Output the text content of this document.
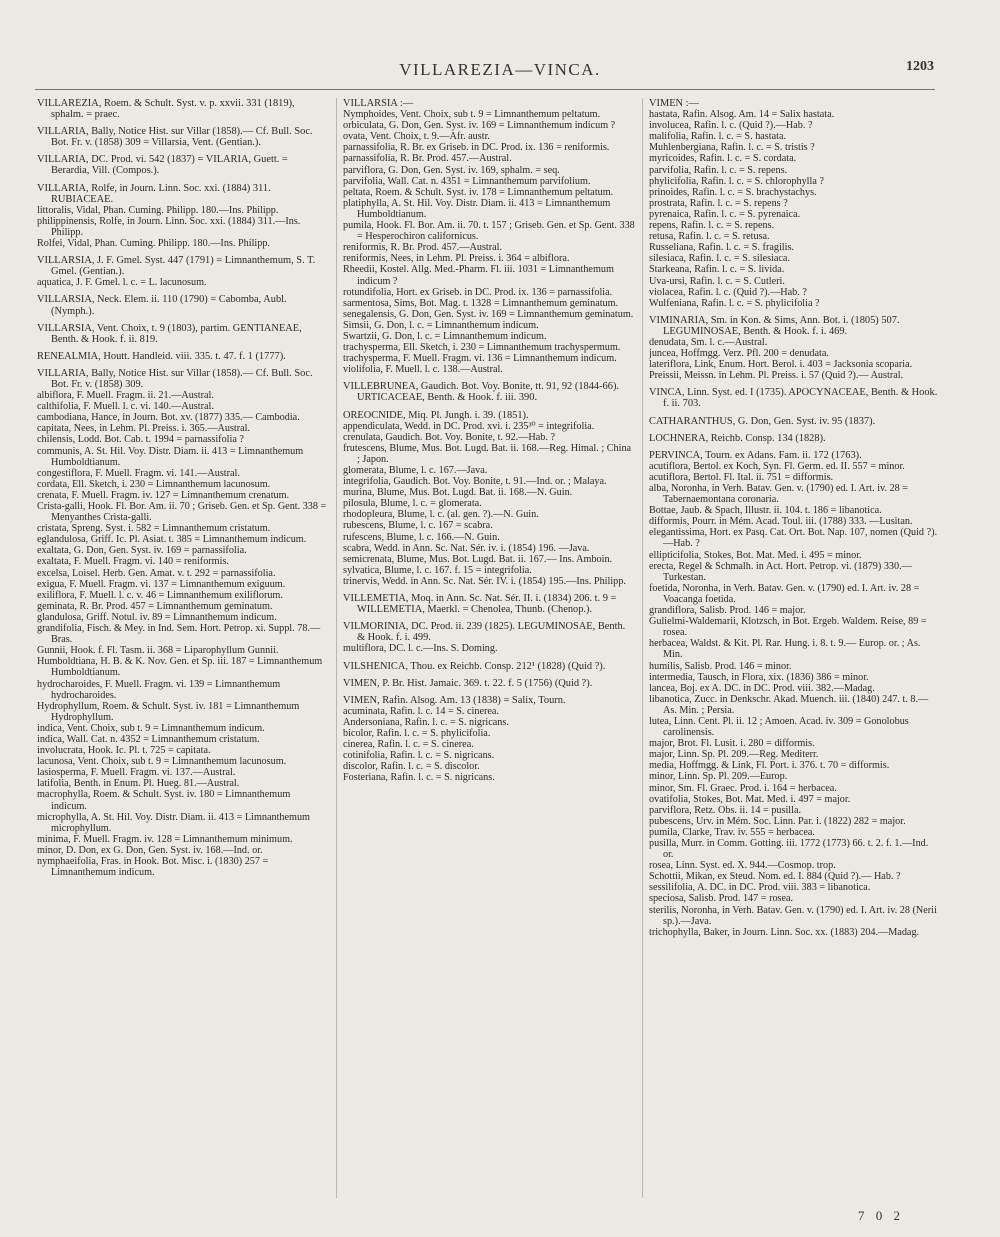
VILLAREZIA—VINCA.	1203

VILLAREZIA, Roem. & Schult. Syst. v. p. xxvii. 331 (1819), sphalm. = praec.

VILLARIA, Bally, Notice Hist. sur Villar (1858).— Cf. Bull. Soc. Bot. Fr. v. (1858) 309 = Villarsia, Vent. (Gentian.).

VILLARIA, DC. Prod. vi. 542 (1837) = VILARIA, Guett. = Berardia, Vill. (Compos.).

VILLARIA, Rolfe, in Journ. Linn. Soc. xxi. (1884) 311. RUBIACEAE.

littoralis, Vidal, Phan. Cuming. Philipp. 180.—Ins. Philipp.

philippinensis, Rolfe, in Journ. Linn. Soc. xxi. (1884) 311.—Ins. Philipp.

Rolfei, Vidal, Phan. Cuming. Philipp. 180.—Ins. Philipp.

VILLARSIA, J. F. Gmel. Syst. 447 (1791) = Limnanthemum, S. T. Gmel. (Gentian.).

aquatica, J. F. Gmel. l. c. = L. lacunosum.

VILLARSIA, Neck. Elem. ii. 110 (1790) = Cabomba, Aubl. (Nymph.).

VILLARSIA, Vent. Choix, t. 9 (1803), partim. GENTIANEAE, Benth. & Hook. f. ii. 819.

RENEALMIA, Houtt. Handleid. viii. 335. t. 47. f. 1 (1777).

VILLARIA, Bally, Notice Hist. sur Villar (1858).— Cf. Bull. Soc. Bot. Fr. v. (1858) 309.

albiflora, F. Muell. Fragm. ii. 21.—Austral.

calthifolia, F. Muell. l. c. vi. 140.—Austral.

cambodiana, Hance, in Journ. Bot. xv. (1877) 335.— Cambodia.

capitata, Nees, in Lehm. Pl. Preiss. i. 365.—Austral.

chilensis, Lodd. Bot. Cab. t. 1994 = parnassifolia ?

communis, A. St. Hil. Voy. Distr. Diam. ii. 413 = Limnanthemum Humboldtianum.

congestiflora, F. Muell. Fragm. vi. 141.—Austral.

cordata, Ell. Sketch, i. 230 = Limnanthemum lacunosum.

crenata, F. Muell. Fragm. iv. 127 = Limnanthemum crenatum.

Crista-galli, Hook. Fl. Bor. Am. ii. 70 ; Griseb. Gen. et Sp. Gent. 338 = Menyanthes Crista-galli.

cristata, Spreng. Syst. i. 582 = Limnanthemum cristatum.

eglandulosa, Griff. Ic. Pl. Asiat. t. 385 = Limnanthemum indicum.

exaltata, G. Don, Gen. Syst. iv. 169 = parnassifolia.

exaltata, F. Muell. Fragm. vi. 140 = reniformis.

excelsa, Loisel. Herb. Gen. Amat. v. t. 292 = parnassifolia.

exigua, F. Muell. Fragm. vi. 137 = Limnanthemum exiguum.

exiliflora, F. Muell. l. c. v. 46 = Limnanthemum exiliflorum.

geminata, R. Br. Prod. 457 = Limnanthemum geminatum.

glandulosa, Griff. Notul. iv. 89 = Limnanthemum indicum.

grandifolia, Fisch. & Mey. in Ind. Sem. Hort. Petrop. xi. Suppl. 78.—Bras.

Gunnii, Hook. f. Fl. Tasm. ii. 368 = Liparophyllum Gunnii.

Humboldtiana, H. B. & K. Nov. Gen. et Sp. iii. 187 = Limnanthemum Humboldtianum.

hydrocharoides, F. Muell. Fragm. vi. 139 = Limnanthemum hydrocharoides.

Hydrophyllum, Roem. & Schult. Syst. iv. 181 = Limnanthemum Hydrophyllum.

indica, Vent. Choix, sub t. 9 = Limnanthemum indicum.

indica, Wall. Cat. n. 4352 = Limnanthemum cristatum.

involucrata, Hook. Ic. Pl. t. 725 = capitata.

lacunosa, Vent. Choix, sub t. 9 = Limnanthemum lacunosum.

lasiosperma, F. Muell. Fragm. vi. 137.—Austral.

latifolia, Benth. in Enum. Pl. Hueg. 81.—Austral.

macrophylla, Roem. & Schult. Syst. iv. 180 = Limnanthemum indicum.

microphylla, A. St. Hil. Voy. Distr. Diam. ii. 413 = Limnanthemum microphyllum.

minima, F. Muell. Fragm. iv. 128 = Limnanthemum minimum.

minor, D. Don, ex G. Don, Gen. Syst. iv. 168.—Ind. or.

nymphaeifolia, Fras. in Hook. Bot. Misc. i. (1830) 257 = Limnanthemum indicum.

VILLARSIA :—

Nymphoides, Vent. Choix, sub t. 9 = Limnanthemum peltatum.

orbiculata, G. Don, Gen. Syst. iv. 169 = Limnanthemum indicum ?

ovata, Vent. Choix, t. 9.—Afr. austr.

parnassifolia, R. Br. ex Griseb. in DC. Prod. ix. 136 = reniformis.

parnassifolia, R. Br. Prod. 457.—Austral.

parviflora, G. Don, Gen. Syst. iv. 169, sphalm. = seq.

parvifolia, Wall. Cat. n. 4351 = Limnanthemum parvifolium.

peltata, Roem. & Schult. Syst. iv. 178 = Limnanthemum peltatum.

platiphylla, A. St. Hil. Voy. Distr. Diam. ii. 413 = Limnanthemum Humboldtianum.

pumila, Hook. Fl. Bor. Am. ii. 70. t. 157 ; Griseb. Gen. et Sp. Gent. 338 = Hesperochiron californicus.

reniformis, R. Br. Prod. 457.—Austral.

reniformis, Nees, in Lehm. Pl. Preiss. i. 364 = albiflora.

Rheedii, Kostel. Allg. Med.-Pharm. Fl. iii. 1031 = Limnanthemum indicum ?

rotundifolia, Hort. ex Griseb. in DC. Prod. ix. 136 = parnassifolia.

sarmentosa, Sims, Bot. Mag. t. 1328 = Limnanthemum geminatum.

senegalensis, G. Don, Gen. Syst. iv. 169 = Limnanthemum geminatum.

Simsii, G. Don, l. c. = Limnanthemum indicum.

Swartzii, G. Don, l. c. = Limnanthemum indicum.

trachysperma, Ell. Sketch, i. 230 = Limnanthemum trachyspermum.

trachysperma, F. Muell. Fragm. vi. 136 = Limnanthemum indicum.

violifolia, F. Muell. l. c. 138.—Austral.

VILLEBRUNEA, Gaudich. Bot. Voy. Bonite, tt. 91, 92 (1844-66). URTICACEAE, Benth. & Hook. f. iii. 390.

OREOCNIDE, Miq. Pl. Jungh. i. 39. (1851).

appendiculata, Wedd. in DC. Prod. xvi. i. 235³⁰ = integrifolia.

crenulata, Gaudich. Bot. Voy. Bonite, t. 92.—Hab. ?

frutescens, Blume, Mus. Bot. Lugd. Bat. ii. 168.—Reg. Himal. ; China ; Japon.

glomerata, Blume, l. c. 167.—Java.

integrifolia, Gaudich. Bot. Voy. Bonite, t. 91.—Ind. or. ; Malaya.

murina, Blume, Mus. Bot. Lugd. Bat. ii. 168.—N. Guin.

pilosula, Blume, l. c. = glomerata.

rhodopleura, Blume, l. c. (al. gen. ?).—N. Guin.

rubescens, Blume, l. c. 167 = scabra.

rufescens, Blume, l. c. 166.—N. Guin.

scabra, Wedd. in Ann. Sc. Nat. Sér. iv. i. (1854) 196. —Java.

semicrenata, Blume, Mus. Bot. Lugd. Bat. ii. 167.— Ins. Amboin.

sylvatica, Blume, l. c. 167. f. 15 = integrifolia.

trinervis, Wedd. in Ann. Sc. Nat. Sér. IV. i. (1854) 195.—Ins. Philipp.

VILLEMETIA, Moq. in Ann. Sc. Nat. Sér. II. i. (1834) 206. t. 9 = WILLEMETIA, Maerkl. = Chenolea, Thunb. (Chenop.).

VILMORINIA, DC. Prod. ii. 239 (1825). LEGUMINOSAE, Benth. & Hook. f. i. 499.

multiflora, DC. l. c.—Ins. S. Doming.

VILSHENICA, Thou. ex Reichb. Consp. 212¹ (1828) (Quid ?).

VIMEN, P. Br. Hist. Jamaic. 369. t. 22. f. 5 (1756) (Quid ?).

VIMEN, Rafin. Alsog. Am. 13 (1838) = Salix, Tourn.

acuminata, Rafin. l. c. 14 = S. cinerea.

Andersoniana, Rafin. l. c. = S. nigricans.

bicolor, Rafin. l. c. = S. phylicifolia.

cinerea, Rafin. l. c. = S. cinerea.

cotinifolia, Rafin. l. c. = S. nigricans.

discolor, Rafin. l. c. = S. discolor.

Fosteriana, Rafin. l. c. = S. nigricans.

VIMEN :—

hastata, Rafin. Alsog. Am. 14 = Salix hastata.

involucea, Rafin. l. c. (Quid ?).—Hab. ?

malifolia, Rafin. l. c. = S. hastata.

Muhlenbergiana, Rafin. l. c. = S. tristis ?

myricoides, Rafin. l. c. = S. cordata.

parvifolia, Rafin. l. c. = S. repens.

phylicifolia, Rafin. l. c. = S. chlorophylla ?

prinoides, Rafin. l. c. = S. brachystachys.

prostrata, Rafin. l. c. = S. repens ?

pyrenaica, Rafin. l. c. = S. pyrenaica.

repens, Rafin. l. c. = S. repens.

retusa, Rafin. l. c. = S. retusa.

Russeliana, Rafin. l. c. = S. fragilis.

silesiaca, Rafin. l. c. = S. silesiaca.

Starkeana, Rafin. l. c. = S. livida.

Uva-ursi, Rafin. l. c. = S. Cutleri.

violacea, Rafin. l. c. (Quid ?).—Hab. ?

Wulfeniana, Rafin. l. c. = S. phylicifolia ?

VIMINARIA, Sm. in Kon. & Sims, Ann. Bot. i. (1805) 507. LEGUMINOSAE, Benth. & Hook. f. i. 469.

denudata, Sm. l. c.—Austral.

juncea, Hoffmgg. Verz. Pfl. 200 = denudata.

lateriflora, Link, Enum. Hort. Berol. i. 403 = Jacksonia scoparia.

Preissii, Meissn. in Lehm. Pl. Preiss. i. 57 (Quid ?).— Austral.

VINCA, Linn. Syst. ed. I (1735). APOCYNACEAE, Benth. & Hook. f. ii. 703.

CATHARANTHUS, G. Don, Gen. Syst. iv. 95 (1837).

LOCHNERA, Reichb. Consp. 134 (1828).

PERVINCA, Tourn. ex Adans. Fam. ii. 172 (1763).

acutiflora, Bertol. ex Koch, Syn. Fl. Germ. ed. II. 557 = minor.

acutiflora, Bertol. Fl. Ital. ii. 751 = difformis.

alba, Noronha, in Verh. Batav. Gen. v. (1790) ed. I. Art. iv. 28 = Tabernaemontana coronaria.

Bottae, Jaub. & Spach, Illustr. ii. 104. t. 186 = libanotica.

difformis, Pourr. in Mém. Acad. Toul. iii. (1788) 333. —Lusitan.

elegantissima, Hort. ex Pasq. Cat. Ort. Bot. Nap. 107, nomen (Quid ?).—Hab. ?

ellipticifolia, Stokes, Bot. Mat. Med. i. 495 = minor.

erecta, Regel & Schmalh. in Act. Hort. Petrop. vi. (1879) 330.—Turkestan.

foetida, Noronha, in Verh. Batav. Gen. v. (1790) ed. I. Art. iv. 28 = Voacanga foetida.

grandiflora, Salisb. Prod. 146 = major.

Gulielmi-Waldemarii, Klotzsch, in Bot. Ergeb. Waldem. Reise, 89 = rosea.

herbacea, Waldst. & Kit. Pl. Rar. Hung. i. 8. t. 9.— Europ. or. ; As. Min.

humilis, Salisb. Prod. 146 = minor.

intermedia, Tausch, in Flora, xix. (1836) 386 = minor.

lancea, Boj. ex A. DC. in DC. Prod. viii. 382.—Madag.

libanotica, Zucc. in Denkschr. Akad. Muench. iii. (1840) 247. t. 8.—As. Min. ; Persia.

lutea, Linn. Cent. Pl. ii. 12 ; Amoen. Acad. iv. 309 = Gonolobus carolinensis.

major, Brot. Fl. Lusit. i. 280 = difformis.

major, Linn. Sp. Pl. 209.—Reg. Mediterr.

media, Hoffmgg. & Link, Fl. Port. i. 376. t. 70 = difformis.

minor, Linn. Sp. Pl. 209.—Europ.

minor, Sm. Fl. Graec. Prod. i. 164 = herbacea.

ovatifolia, Stokes, Bot. Mat. Med. i. 497 = major.

parviflora, Retz. Obs. ii. 14 = pusilla.

pubescens, Urv. in Mém. Soc. Linn. Par. i. (1822) 282 = major.

pumila, Clarke, Trav. iv. 555 = herbacea.

pusilla, Murr. in Comm. Gotting. iii. 1772 (1773) 66. t. 2. f. 1.—Ind. or.

rosea, Linn. Syst. ed. X. 944.—Cosmop. trop.

Schottii, Mikan, ex Steud. Nom. ed. I. 884 (Quid ?).— Hab. ?

sessilifolia, A. DC. in DC. Prod. viii. 383 = libanotica.

speciosa, Salisb. Prod. 147 = rosea.

sterilis, Noronha, in Verh. Batav. Gen. v. (1790) ed. I. Art. iv. 28 (Nerii sp.).—Java.

trichophylla, Baker, in Journ. Linn. Soc. xx. (1883) 204.—Madag.

7 0 2
